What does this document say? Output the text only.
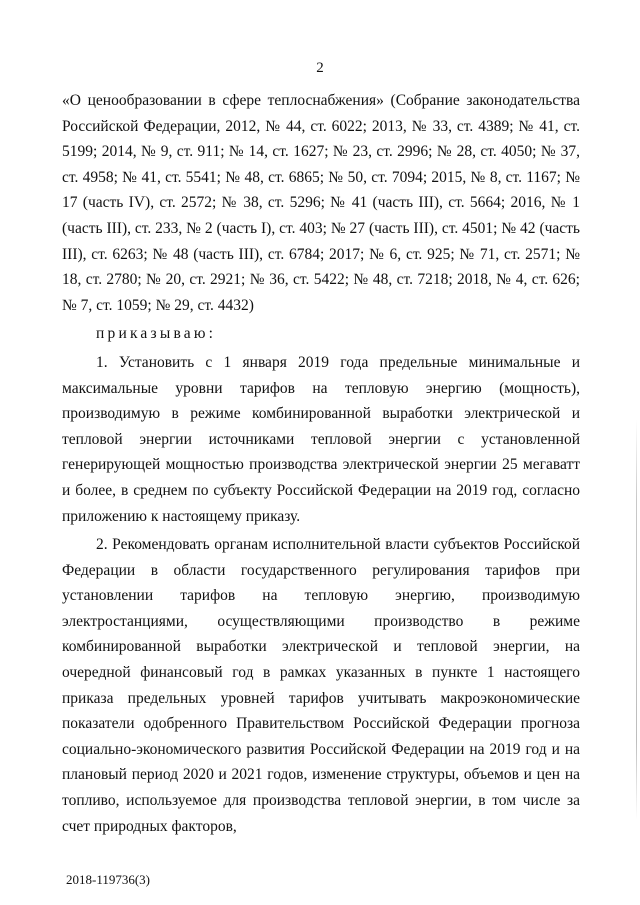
2

«О ценообразовании в сфере теплоснабжения» (Собрание законодательства Российской Федерации, 2012, № 44, ст. 6022; 2013, № 33, ст. 4389; № 41, ст. 5199; 2014, № 9, ст. 911; № 14, ст. 1627; № 23, ст. 2996; № 28, ст. 4050; № 37, ст. 4958; № 41, ст. 5541; № 48, ст. 6865; № 50, ст. 7094; 2015, № 8, ст. 1167; № 17 (часть IV), ст. 2572; № 38, ст. 5296; № 41 (часть III), ст. 5664; 2016, № 1 (часть III), ст. 233, № 2 (часть I), ст. 403; № 27 (часть III), ст. 4501; № 42 (часть III), ст. 6263; № 48 (часть III), ст. 6784; 2017; № 6, ст. 925; № 71, ст. 2571; № 18, ст. 2780; № 20, ст. 2921; № 36, ст. 5422; № 48, ст. 7218; 2018, № 4, ст. 626; № 7, ст. 1059; № 29, ст. 4432)

приказываю:

1. Установить с 1 января 2019 года предельные минимальные и максимальные уровни тарифов на тепловую энергию (мощность), производимую в режиме комбинированной выработки электрической и тепловой энергии источниками тепловой энергии с установленной генерирующей мощностью производства электрической энергии 25 мегаватт и более, в среднем по субъекту Российской Федерации на 2019 год, согласно приложению к настоящему приказу.

2. Рекомендовать органам исполнительной власти субъектов Российской Федерации в области государственного регулирования тарифов при установлении тарифов на тепловую энергию, производимую электростанциями, осуществляющими производство в режиме комбинированной выработки электрической и тепловой энергии, на очередной финансовый год в рамках указанных в пункте 1 настоящего приказа предельных уровней тарифов учитывать макроэкономические показатели одобренного Правительством Российской Федерации прогноза социально-экономического развития Российской Федерации на 2019 год и на плановый период 2020 и 2021 годов, изменение структуры, объемов и цен на топливо, используемое для производства тепловой энергии, в том числе за счет природных факторов,

2018-119736(3)
